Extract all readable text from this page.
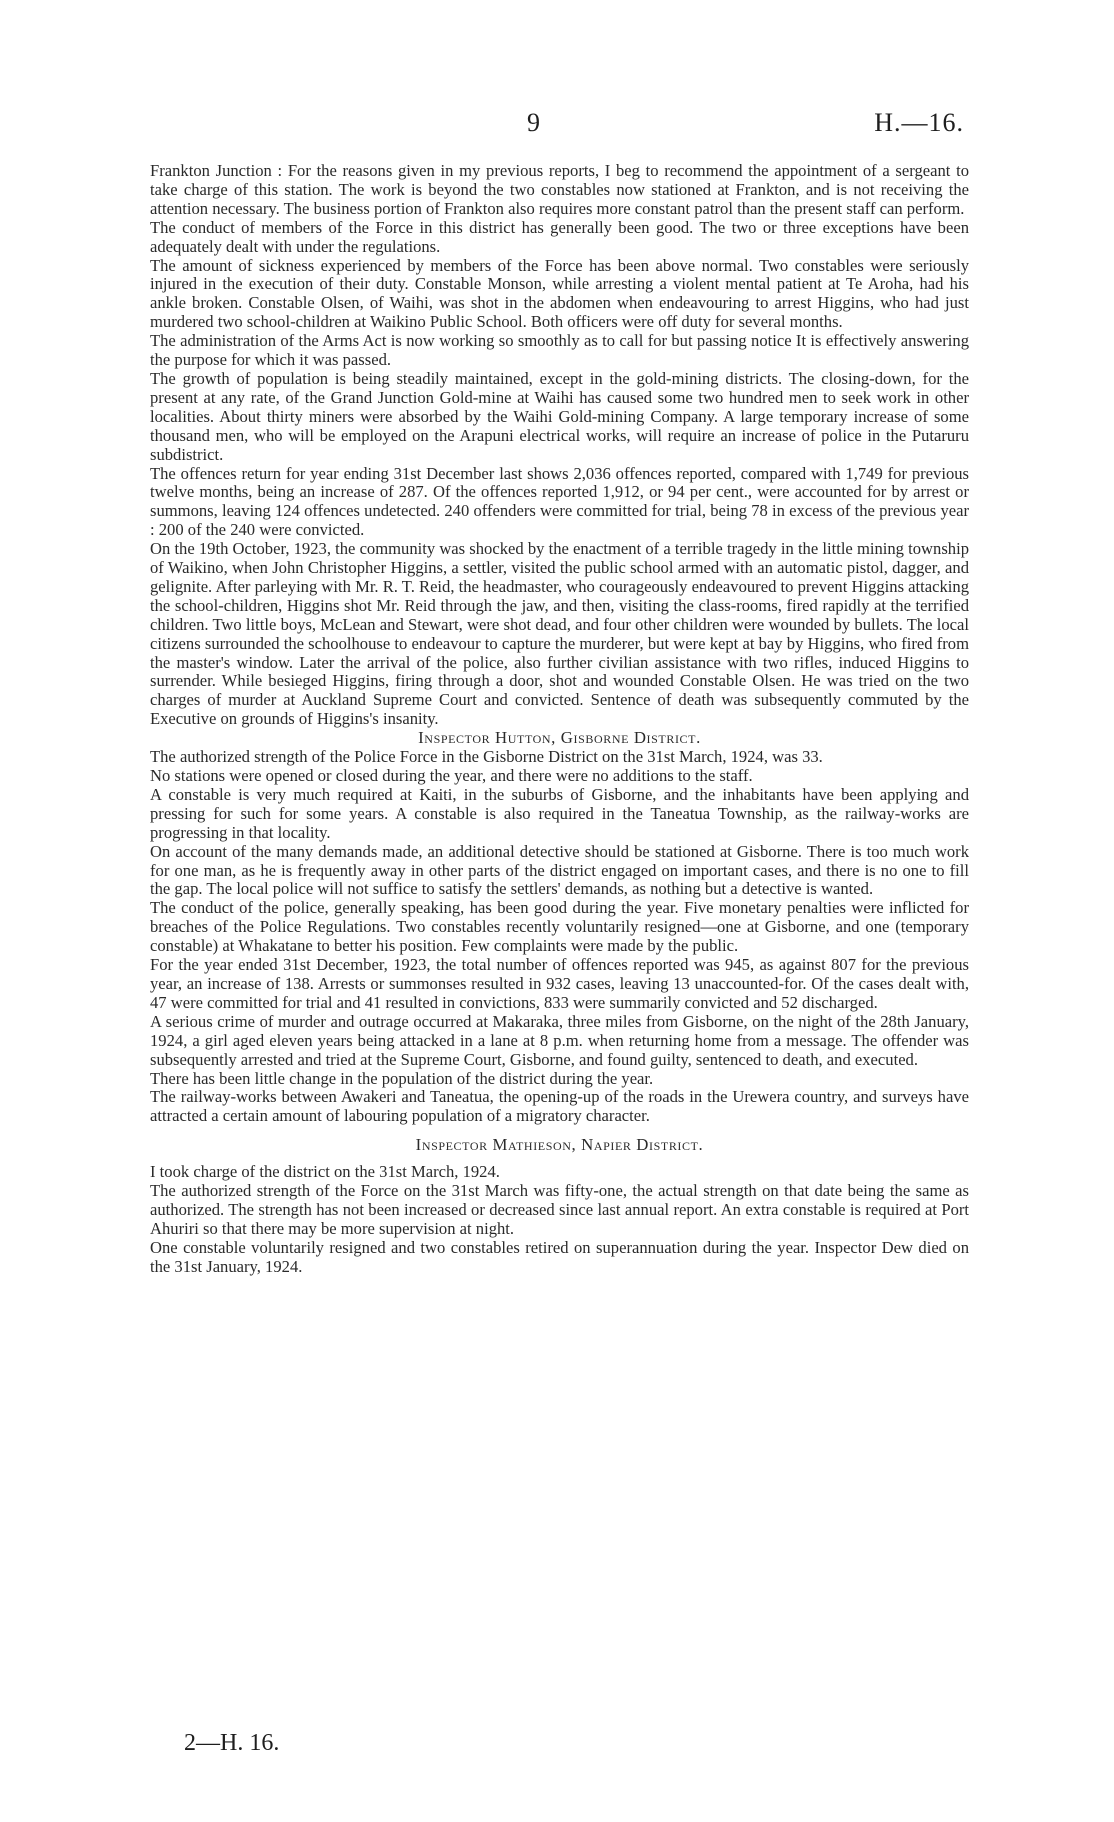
9	H.—16.

Frankton Junction : For the reasons given in my previous reports, I beg to recommend the appointment of a sergeant to take charge of this station. The work is beyond the two constables now stationed at Frankton, and is not receiving the attention necessary. The business portion of Frankton also requires more constant patrol than the present staff can perform.

The conduct of members of the Force in this district has generally been good. The two or three exceptions have been adequately dealt with under the regulations.

The amount of sickness experienced by members of the Force has been above normal. Two constables were seriously injured in the execution of their duty. Constable Monson, while arresting a violent mental patient at Te Aroha, had his ankle broken. Constable Olsen, of Waihi, was shot in the abdomen when endeavouring to arrest Higgins, who had just murdered two school-children at Waikino Public School. Both officers were off duty for several months.

The administration of the Arms Act is now working so smoothly as to call for but passing notice It is effectively answering the purpose for which it was passed.

The growth of population is being steadily maintained, except in the gold-mining districts. The closing-down, for the present at any rate, of the Grand Junction Gold-mine at Waihi has caused some two hundred men to seek work in other localities. About thirty miners were absorbed by the Waihi Gold-mining Company. A large temporary increase of some thousand men, who will be employed on the Arapuni electrical works, will require an increase of police in the Putaruru subdistrict.

The offences return for year ending 31st December last shows 2,036 offences reported, compared with 1,749 for previous twelve months, being an increase of 287. Of the offences reported 1,912, or 94 per cent., were accounted for by arrest or summons, leaving 124 offences undetected. 240 offenders were committed for trial, being 78 in excess of the previous year : 200 of the 240 were convicted.

On the 19th October, 1923, the community was shocked by the enactment of a terrible tragedy in the little mining township of Waikino, when John Christopher Higgins, a settler, visited the public school armed with an automatic pistol, dagger, and gelignite. After parleying with Mr. R. T. Reid, the headmaster, who courageously endeavoured to prevent Higgins attacking the school-children, Higgins shot Mr. Reid through the jaw, and then, visiting the class-rooms, fired rapidly at the terrified children. Two little boys, McLean and Stewart, were shot dead, and four other children were wounded by bullets. The local citizens surrounded the schoolhouse to endeavour to capture the murderer, but were kept at bay by Higgins, who fired from the master's window. Later the arrival of the police, also further civilian assistance with two rifles, induced Higgins to surrender. While besieged Higgins, firing through a door, shot and wounded Constable Olsen. He was tried on the two charges of murder at Auckland Supreme Court and convicted. Sentence of death was subsequently commuted by the Executive on grounds of Higgins's insanity.

Inspector Hutton, Gisborne District.

The authorized strength of the Police Force in the Gisborne District on the 31st March, 1924, was 33.

No stations were opened or closed during the year, and there were no additions to the staff.

A constable is very much required at Kaiti, in the suburbs of Gisborne, and the inhabitants have been applying and pressing for such for some years. A constable is also required in the Taneatua Township, as the railway-works are progressing in that locality.

On account of the many demands made, an additional detective should be stationed at Gisborne. There is too much work for one man, as he is frequently away in other parts of the district engaged on important cases, and there is no one to fill the gap. The local police will not suffice to satisfy the settlers' demands, as nothing but a detective is wanted.

The conduct of the police, generally speaking, has been good during the year. Five monetary penalties were inflicted for breaches of the Police Regulations. Two constables recently voluntarily resigned—one at Gisborne, and one (temporary constable) at Whakatane to better his position. Few complaints were made by the public.

For the year ended 31st December, 1923, the total number of offences reported was 945, as against 807 for the previous year, an increase of 138. Arrests or summonses resulted in 932 cases, leaving 13 unaccounted-for. Of the cases dealt with, 47 were committed for trial and 41 resulted in convictions, 833 were summarily convicted and 52 discharged.

A serious crime of murder and outrage occurred at Makaraka, three miles from Gisborne, on the night of the 28th January, 1924, a girl aged eleven years being attacked in a lane at 8 p.m. when returning home from a message. The offender was subsequently arrested and tried at the Supreme Court, Gisborne, and found guilty, sentenced to death, and executed.

There has been little change in the population of the district during the year.

The railway-works between Awakeri and Taneatua, the opening-up of the roads in the Urewera country, and surveys have attracted a certain amount of labouring population of a migratory character.

Inspector Mathieson, Napier District.

I took charge of the district on the 31st March, 1924.

The authorized strength of the Force on the 31st March was fifty-one, the actual strength on that date being the same as authorized. The strength has not been increased or decreased since last annual report. An extra constable is required at Port Ahuriri so that there may be more supervision at night.

One constable voluntarily resigned and two constables retired on superannuation during the year. Inspector Dew died on the 31st January, 1924.

2—H. 16.
